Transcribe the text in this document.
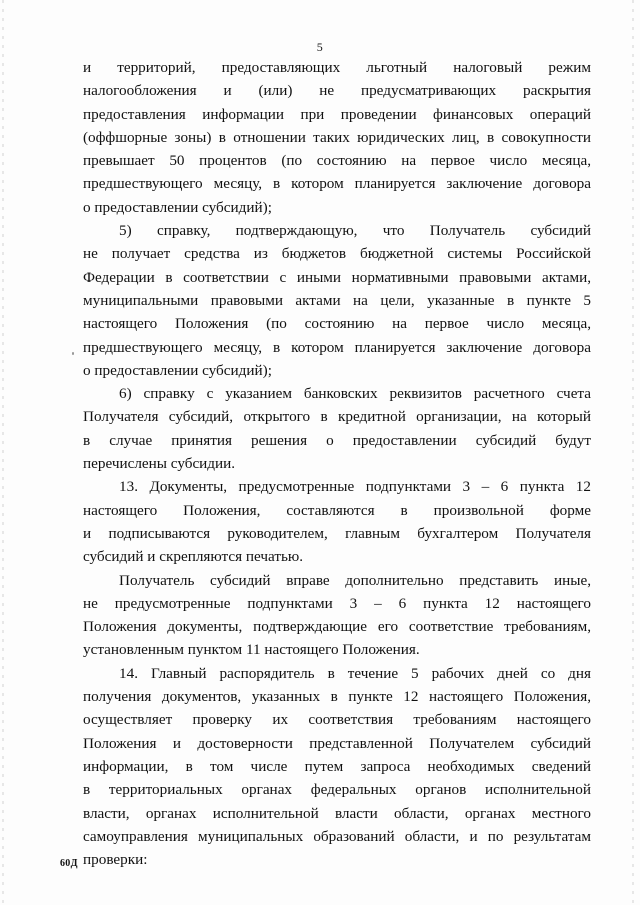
5
и территорий, предоставляющих льготный налоговый режим
налогообложения и (или) не предусматривающих раскрытия
предоставления информации при проведении финансовых операций
(оффшорные зоны) в отношении таких юридических лиц, в совокупности
превышает 50 процентов (по состоянию на первое число месяца,
предшествующего месяцу, в котором планируется заключение договора
о предоставлении субсидий);
5) справку, подтверждающую, что Получатель субсидий
не получает средства из бюджетов бюджетной системы Российской
Федерации в соответствии с иными нормативными правовыми актами,
муниципальными правовыми актами на цели, указанные в пункте 5
настоящего Положения (по состоянию на первое число месяца,
предшествующего месяцу, в котором планируется заключение договора
о предоставлении субсидий);
6) справку с указанием банковских реквизитов расчетного счета
Получателя субсидий, открытого в кредитной организации, на который
в случае принятия решения о предоставлении субсидий будут
перечислены субсидии.
13. Документы, предусмотренные подпунктами 3 – 6 пункта 12
настоящего Положения, составляются в произвольной форме
и подписываются руководителем, главным бухгалтером Получателя
субсидий и скрепляются печатью.
Получатель субсидий вправе дополнительно представить иные,
не предусмотренные подпунктами 3 – 6 пункта 12 настоящего
Положения документы, подтверждающие его соответствие требованиям,
установленным пунктом 11 настоящего Положения.
14. Главный распорядитель в течение 5 рабочих дней со дня
получения документов, указанных в пункте 12 настоящего Положения,
осуществляет проверку их соответствия требованиям настоящего
Положения и достоверности представленной Получателем субсидий
информации, в том числе путем запроса необходимых сведений
в территориальных органах федеральных органов исполнительной
власти, органах исполнительной власти области, органах местного
самоуправления муниципальных образований области, и по результатам
проверки:
60Д
